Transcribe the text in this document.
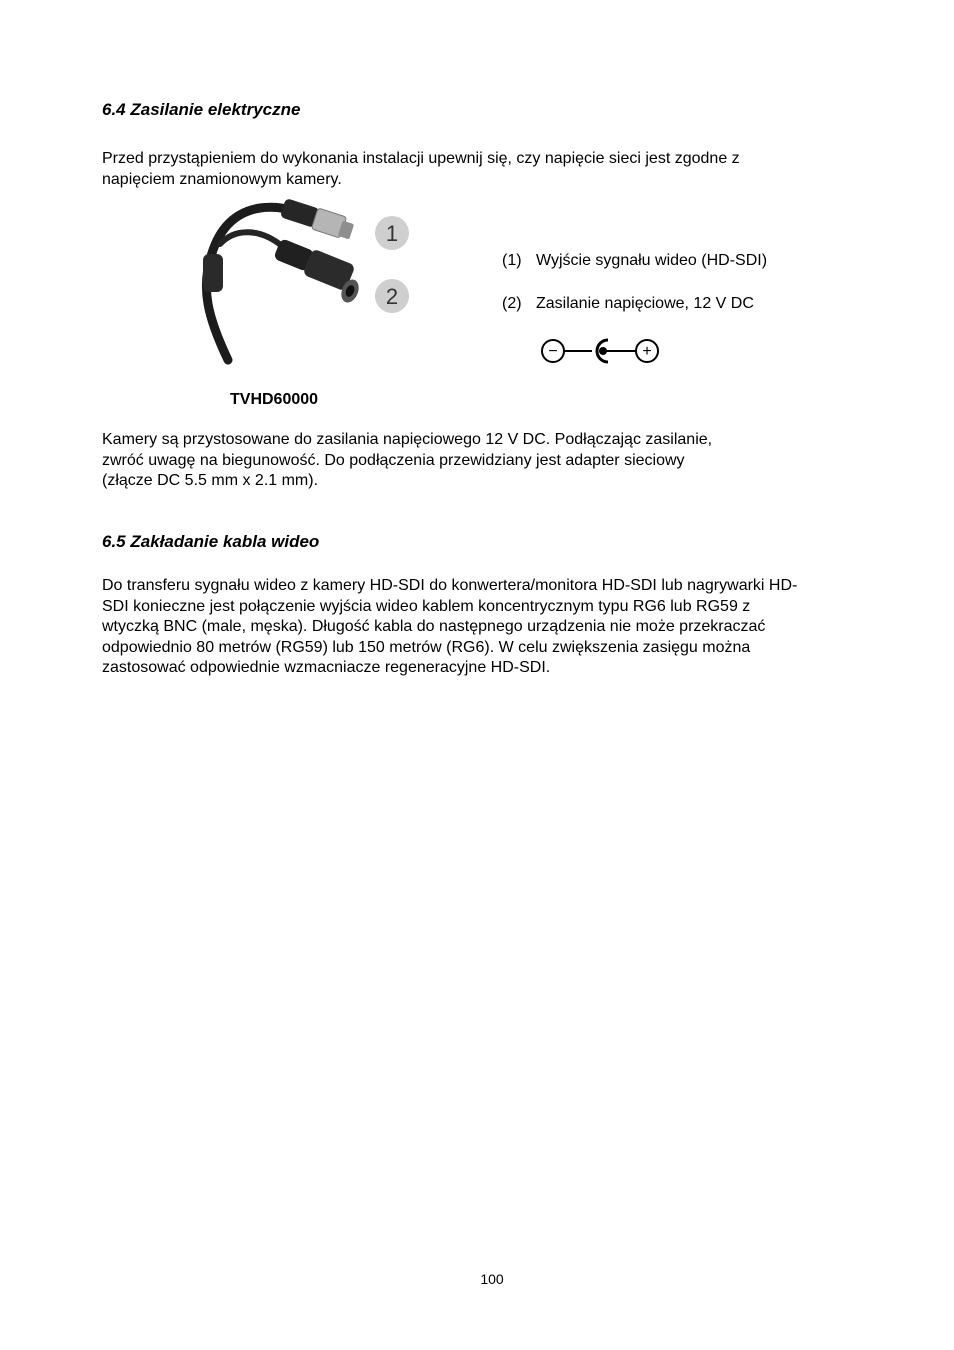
6.4 Zasilanie elektryczne

Przed przystąpieniem do wykonania instalacji upewnij się, czy napięcie sieci jest zgodne z
napięciem znamionowym kamery.

1
2

TVHD60000

(1) Wyjście sygnału wideo (HD-SDI)

(2) Zasilanie napięciowe, 12 V DC

−	+

Kamery są przystosowane do zasilania napięciowego 12 V DC. Podłączając zasilanie,
zwróć uwagę na biegunowość. Do podłączenia przewidziany jest adapter sieciowy
(złącze DC 5.5 mm x 2.1 mm).

6.5 Zakładanie kabla wideo

Do transferu sygnału wideo z kamery HD-SDI do konwertera/monitora HD-SDI lub nagrywarki HD-
SDI konieczne jest połączenie wyjścia wideo kablem koncentrycznym typu RG6 lub RG59 z
wtyczką BNC (male, męska). Długość kabla do następnego urządzenia nie może przekraczać
odpowiednio 80 metrów (RG59) lub 150 metrów (RG6). W celu zwiększenia zasięgu można
zastosować odpowiednie wzmacniacze regeneracyjne HD-SDI.

100
